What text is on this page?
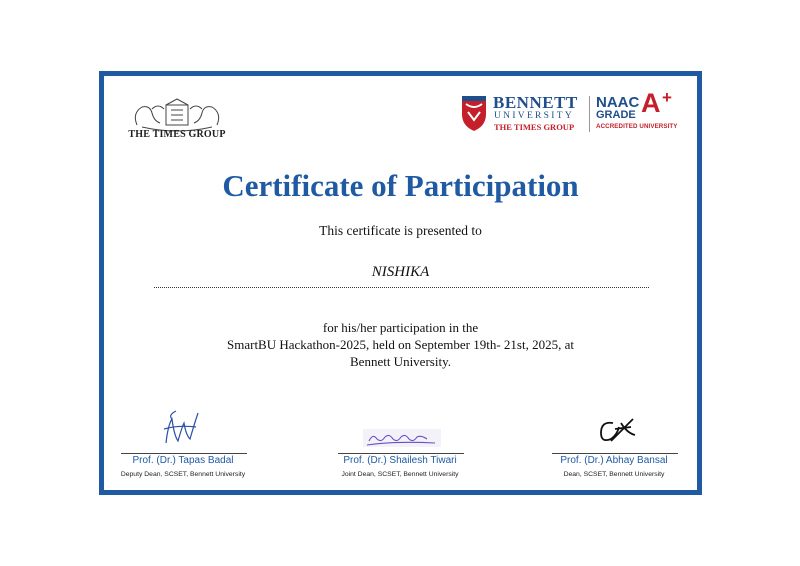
THE TIMES GROUP
BENNETT
UNIVERSITY
THE TIMES GROUP
NAAC
GRADE A +
ACCREDITED UNIVERSITY
Certificate of Participation
This certificate is presented to
NISHIKA
for his/her participation in the
SmartBU Hackathon-2025, held on September 19th- 21st, 2025, at
Bennett University.
Prof. (Dr.) Tapas Badal
Deputy Dean, SCSET, Bennett University
Prof. (Dr.) Shailesh Tiwari
Joint Dean, SCSET, Bennett University
Prof. (Dr.) Abhay Bansal
Dean, SCSET, Bennett University
